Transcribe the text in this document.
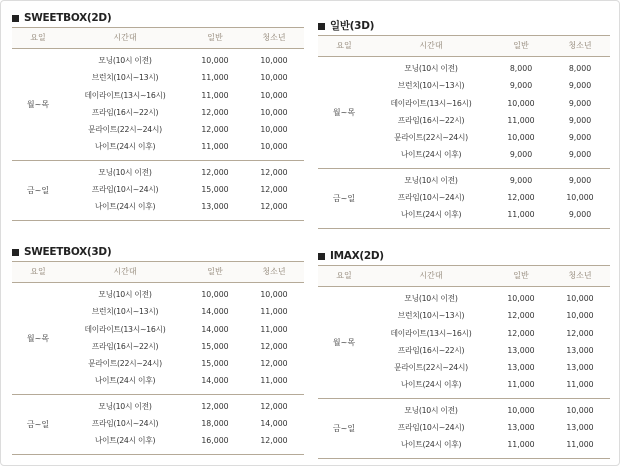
SWEETBOX(2D)
요일	시간대	일반	청소년
월~목
모닝(10시 이전)	10,000	10,000
브런치(10시~13시)	11,000	10,000
데이라이트(13시~16시)	11,000	10,000
프라임(16시~22시)	12,000	10,000
문라이트(22시~24시)	12,000	10,000
나이트(24시 이후)	11,000	10,000
금~일
모닝(10시 이전)	12,000	12,000
프라임(10시~24시)	15,000	12,000
나이트(24시 이후)	13,000	12,000
일반(3D)
요일	시간대	일반	청소년
월~목
모닝(10시 이전)	8,000	8,000
브런치(10시~13시)	9,000	9,000
데이라이트(13시~16시)	10,000	9,000
프라임(16시~22시)	11,000	9,000
문라이트(22시~24시)	10,000	9,000
나이트(24시 이후)	9,000	9,000
금~일
모닝(10시 이전)	9,000	9,000
프라임(10시~24시)	12,000	10,000
나이트(24시 이후)	11,000	9,000
SWEETBOX(3D)
요일	시간대	일반	청소년
월~목
모닝(10시 이전)	10,000	10,000
브런치(10시~13시)	14,000	11,000
데이라이트(13시~16시)	14,000	11,000
프라임(16시~22시)	15,000	12,000
문라이트(22시~24시)	15,000	12,000
나이트(24시 이후)	14,000	11,000
금~일
모닝(10시 이전)	12,000	12,000
프라임(10시~24시)	18,000	14,000
나이트(24시 이후)	16,000	12,000
IMAX(2D)
요일	시간대	일반	청소년
월~목
모닝(10시 이전)	10,000	10,000
브런치(10시~13시)	12,000	10,000
데이라이트(13시~16시)	12,000	12,000
프라임(16시~22시)	13,000	13,000
문라이트(22시~24시)	13,000	13,000
나이트(24시 이후)	11,000	11,000
금~일
모닝(10시 이전)	10,000	10,000
프라임(10시~24시)	13,000	13,000
나이트(24시 이후)	11,000	11,000
